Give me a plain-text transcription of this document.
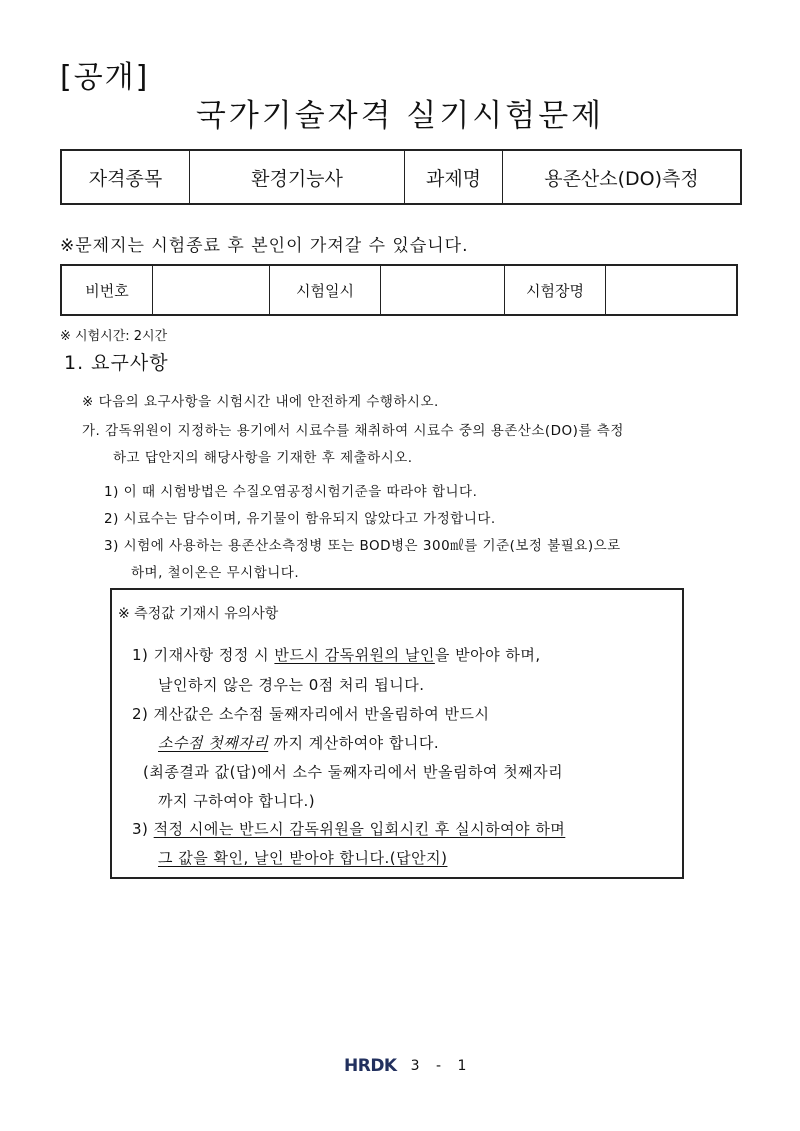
[공개]
국가기술자격 실기시험문제
자격종목	환경기능사	과제명	용존산소(DO)측정
※문제지는 시험종료 후 본인이 가져갈 수 있습니다.
비번호		시험일시		시험장명	
※ 시험시간: 2시간
1. 요구사항
※ 다음의 요구사항을 시험시간 내에 안전하게 수행하시오.
가. 감독위원이 지정하는 용기에서 시료수를 채취하여 시료수 중의 용존산소(DO)를 측정
하고 답안지의 해당사항을 기재한 후 제출하시오.
1) 이 때 시험방법은 수질오염공정시험기준을 따라야 합니다.
2) 시료수는 담수이며, 유기물이 함유되지 않았다고 가정합니다.
3) 시험에 사용하는 용존산소측정병 또는 BOD병은 300㎖를 기준(보정 불필요)으로
하며, 철이온은 무시합니다.
※ 측정값 기재시 유의사항
1) 기재사항 정정 시 반드시 감독위원의 날인을 받아야 하며,
날인하지 않은 경우는 0점 처리 됩니다.
2) 계산값은 소수점 둘째자리에서 반올림하여 반드시
소수점 첫째자리 까지 계산하여야 합니다.
(최종결과 값(답)에서 소수 둘째자리에서 반올림하여 첫째자리
까지 구하여야 합니다.)
3) 적정 시에는 반드시 감독위원을 입회시킨 후 실시하여야 하며
그 값을 확인, 날인 받아야 합니다.(답안지)
HRDK 3 - 1
